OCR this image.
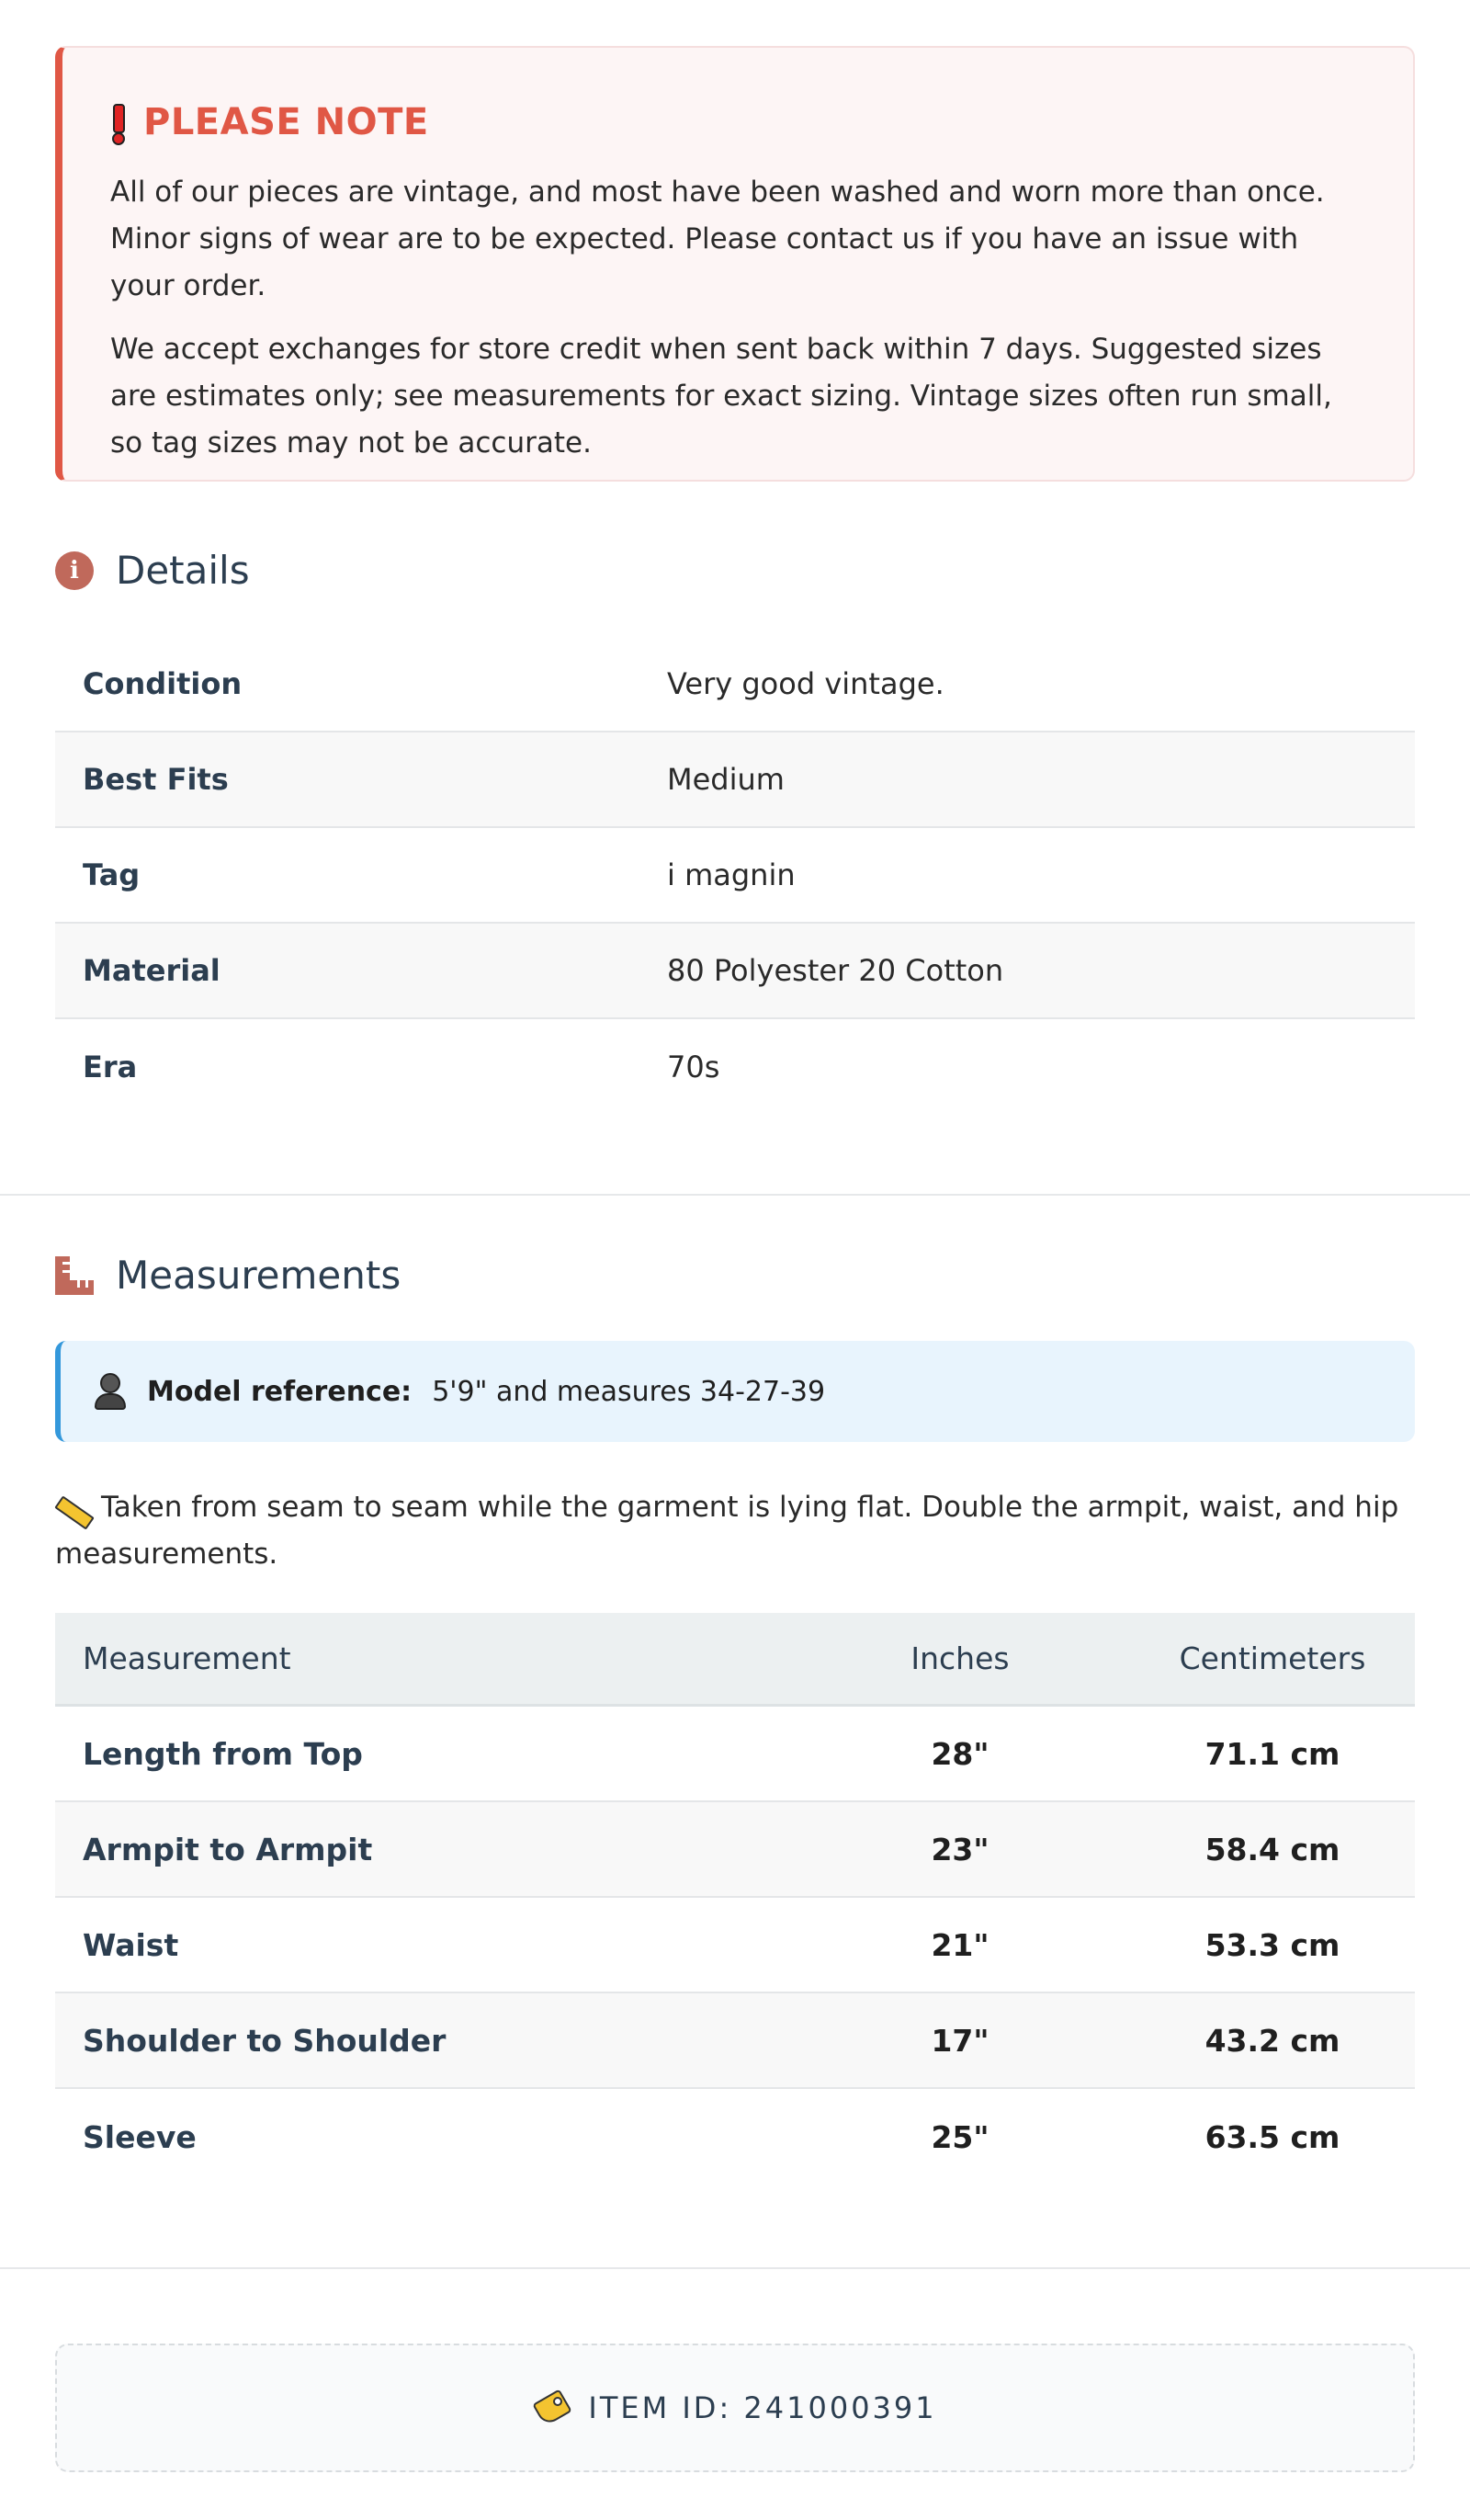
PLEASE NOTE

All of our pieces are vintage, and most have been washed and worn more than once. Minor signs of wear are to be expected. Please contact us if you have an issue with your order.

We accept exchanges for store credit when sent back within 7 days. Suggested sizes are estimates only; see measurements for exact sizing. Vintage sizes often run small, so tag sizes may not be accurate.

i Details
Condition	Very good vintage.
Best Fits	Medium
Tag	i magnin
Material	80 Polyester 20 Cotton
Era	70s
Measurements
Model reference: 5'9" and measures 34-27-39
Taken from seam to seam while the garment is lying flat. Double the armpit, waist, and hip measurements.
Measurement	Inches	Centimeters
Length from Top	28"	71.1 cm
Armpit to Armpit	23"	58.4 cm
Waist	21"	53.3 cm
Shoulder to Shoulder	17"	43.2 cm
Sleeve	25"	63.5 cm
ITEM ID: 241000391
